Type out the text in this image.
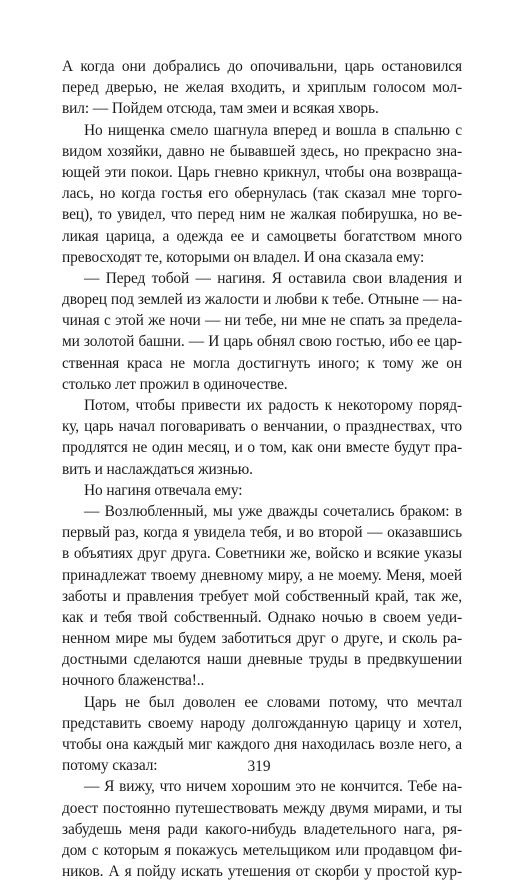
А когда они добрались до опочивальни, царь остановился
перед дверью, не желая входить, и хриплым голосом мол-
вил: — Пойдем отсюда, там змеи и всякая хворь.
Но нищенка смело шагнула вперед и вошла в спальню с
видом хозяйки, давно не бывавшей здесь, но прекрасно зна-
ющей эти покои. Царь гневно крикнул, чтобы она возвраща-
лась, но когда гостья его обернулась (так сказал мне торго-
вец), то увидел, что перед ним не жалкая побирушка, но ве-
ликая царица, а одежда ее и самоцветы богатством много
превосходят те, которыми он владел. И она сказала ему:
— Перед тобой — нагиня. Я оставила свои владения и
дворец под землей из жалости и любви к тебе. Отныне — на-
чиная с этой же ночи — ни тебе, ни мне не спать за предела-
ми золотой башни. — И царь обнял свою гостью, ибо ее цар-
ственная краса не могла достигнуть иного; к тому же он
столько лет прожил в одиночестве.
Потом, чтобы привести их радость к некоторому поряд-
ку, царь начал поговаривать о венчании, о празднествах, что
продлятся не один месяц, и о том, как они вместе будут пра-
вить и наслаждаться жизнью.
Но нагиня отвечала ему:
— Возлюбленный, мы уже дважды сочетались браком: в
первый раз, когда я увидела тебя, и во второй — оказавшись
в объятиях друг друга. Советники же, войско и всякие указы
принадлежат твоему дневному миру, а не моему. Меня, моей
заботы и правления требует мой собственный край, так же,
как и тебя твой собственный. Однако ночью в своем уеди-
ненном мире мы будем заботиться друг о друге, и сколь ра-
достными сделаются наши дневные труды в предвкушении
ночного блаженства!..
Царь не был доволен ее словами потому, что мечтал
представить своему народу долгожданную царицу и хотел,
чтобы она каждый миг каждого дня находилась возле него, а
потому сказал:
— Я вижу, что ничем хорошим это не кончится. Тебе на-
доест постоянно путешествовать между двумя мирами, и ты
забудешь меня ради какого-нибудь владетельного нага, ря-
дом с которым я покажусь метельщиком или продавцом фи-
ников. А я пойду искать утешения от скорби у простой кур-
319
